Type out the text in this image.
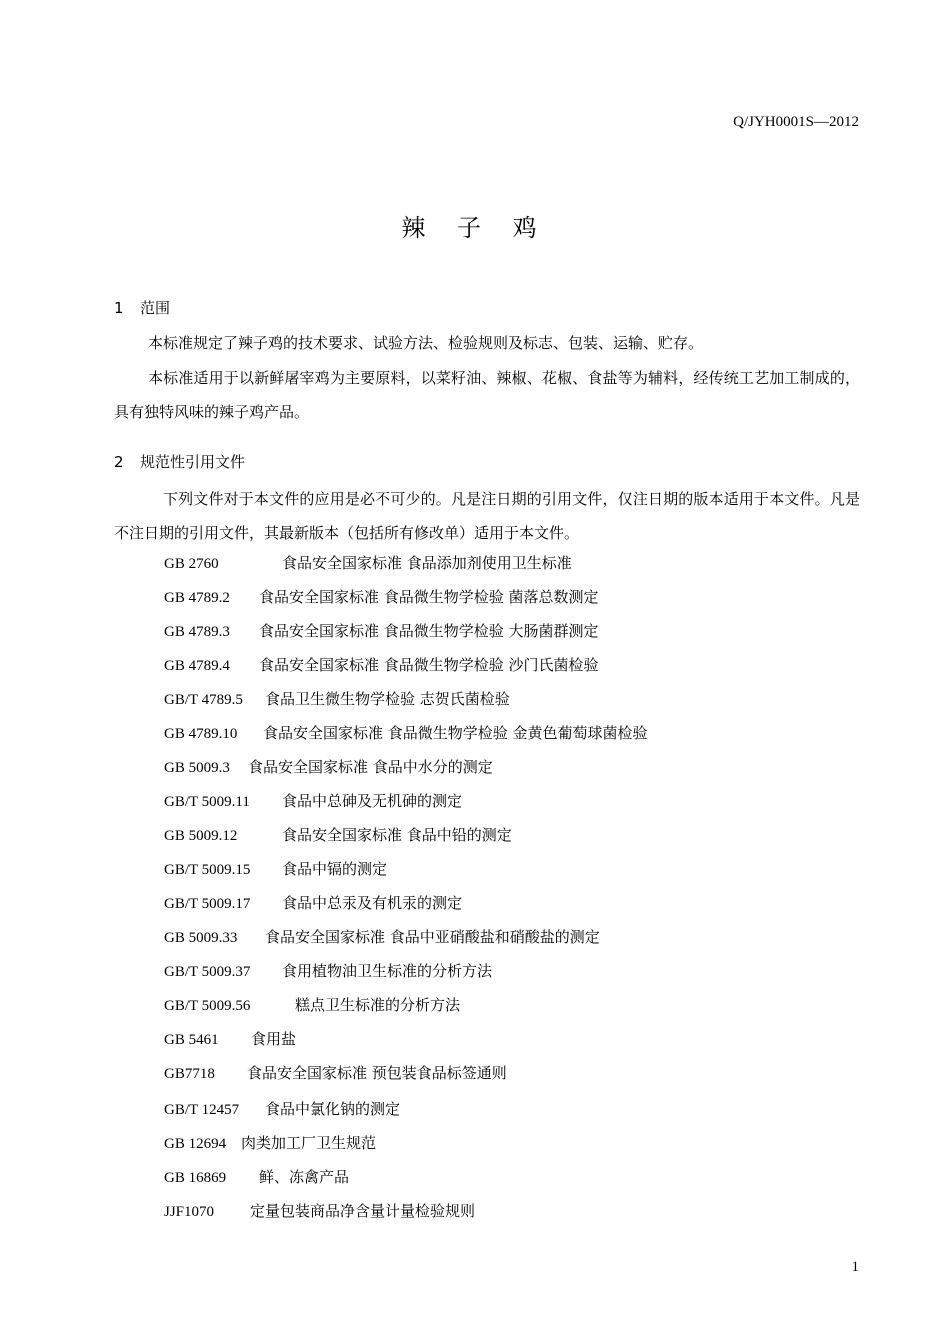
Q/JYH0001S—2012
辣 子 鸡
1 范围
本标准规定了辣子鸡的技术要求、试验方法、检验规则及标志、包装、运输、贮存。
本标准适用于以新鲜屠宰鸡为主要原料，以菜籽油、辣椒、花椒、食盐等为辅料，经传统工艺加工制成的，具有独特风味的辣子鸡产品。
2 规范性引用文件
下列文件对于本文件的应用是必不可少的。凡是注日期的引用文件，仅注日期的版本适用于本文件。凡是不注日期的引用文件，其最新版本（包括所有修改单）适用于本文件。
GB 2760	食品安全国家标准 食品添加剂使用卫生标准
GB 4789.2 食品安全国家标准 食品微生物学检验 菌落总数测定
GB 4789.3 食品安全国家标准 食品微生物学检验 大肠菌群测定
GB 4789.4 食品安全国家标准 食品微生物学检验 沙门氏菌检验
GB/T 4789.5 食品卫生微生物学检验 志贺氏菌检验
GB 4789.10 食品安全国家标准 食品微生物学检验 金黄色葡萄球菌检验
GB 5009.3 食品安全国家标准 食品中水分的测定
GB/T 5009.11 食品中总砷及无机砷的测定
GB 5009.12	食品安全国家标准 食品中铅的测定
GB/T 5009.15 食品中镉的测定
GB/T 5009.17 食品中总汞及有机汞的测定
GB 5009.33 食品安全国家标准 食品中亚硝酸盐和硝酸盐的测定
GB/T 5009.37 食用植物油卫生标准的分析方法
GB/T 5009.56	糕点卫生标准的分析方法
GB 5461 食用盐
GB7718 食品安全国家标准 预包装食品标签通则
GB/T 12457 食品中氯化钠的测定
GB 12694 肉类加工厂卫生规范
GB 16869 鲜、冻禽产品
JJF1070 定量包装商品净含量计量检验规则
1
